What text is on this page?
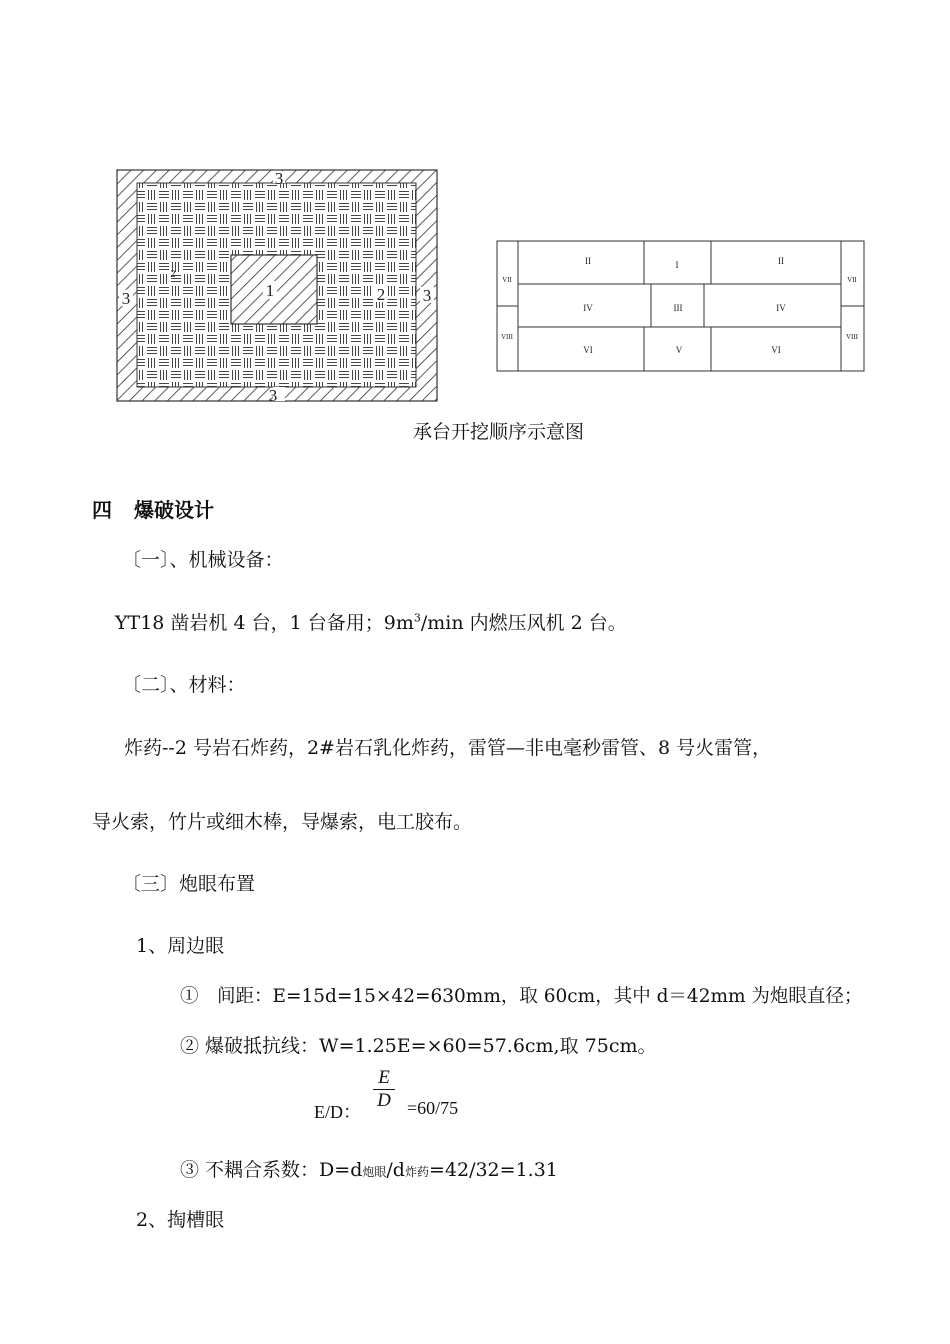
3
3
3	3
2
2
1
II	I	II
IV	III	IV
VI	V	VI
VII
VIII
VII
VIII
承台开挖顺序示意图
四 爆破设计
〔一〕、机械设备：
YT18 凿岩机 4 台，1 台备用；$9m^3/\min$ 内燃压风机 2 台。
〔二〕、材料：
炸药--2 号岩石炸药，2#岩石乳化炸药，雷管—非电毫秒雷管、8 号火雷管，
导火索，竹片或细木棒，导爆索，电工胶布。
〔三〕炮眼布置
1、周边眼
①　间距：E=15d=15×42=630mm，取 60cm，其中 d＝42mm 为炮眼直径；
② 爆破抵抗线：W=1.25E=×60=57.6cm,取 75cm。
E/D：
E
D =60/75
③ 不耦合系数：D=d炮眼/d炸药=42/32=1.31
2、掏槽眼
